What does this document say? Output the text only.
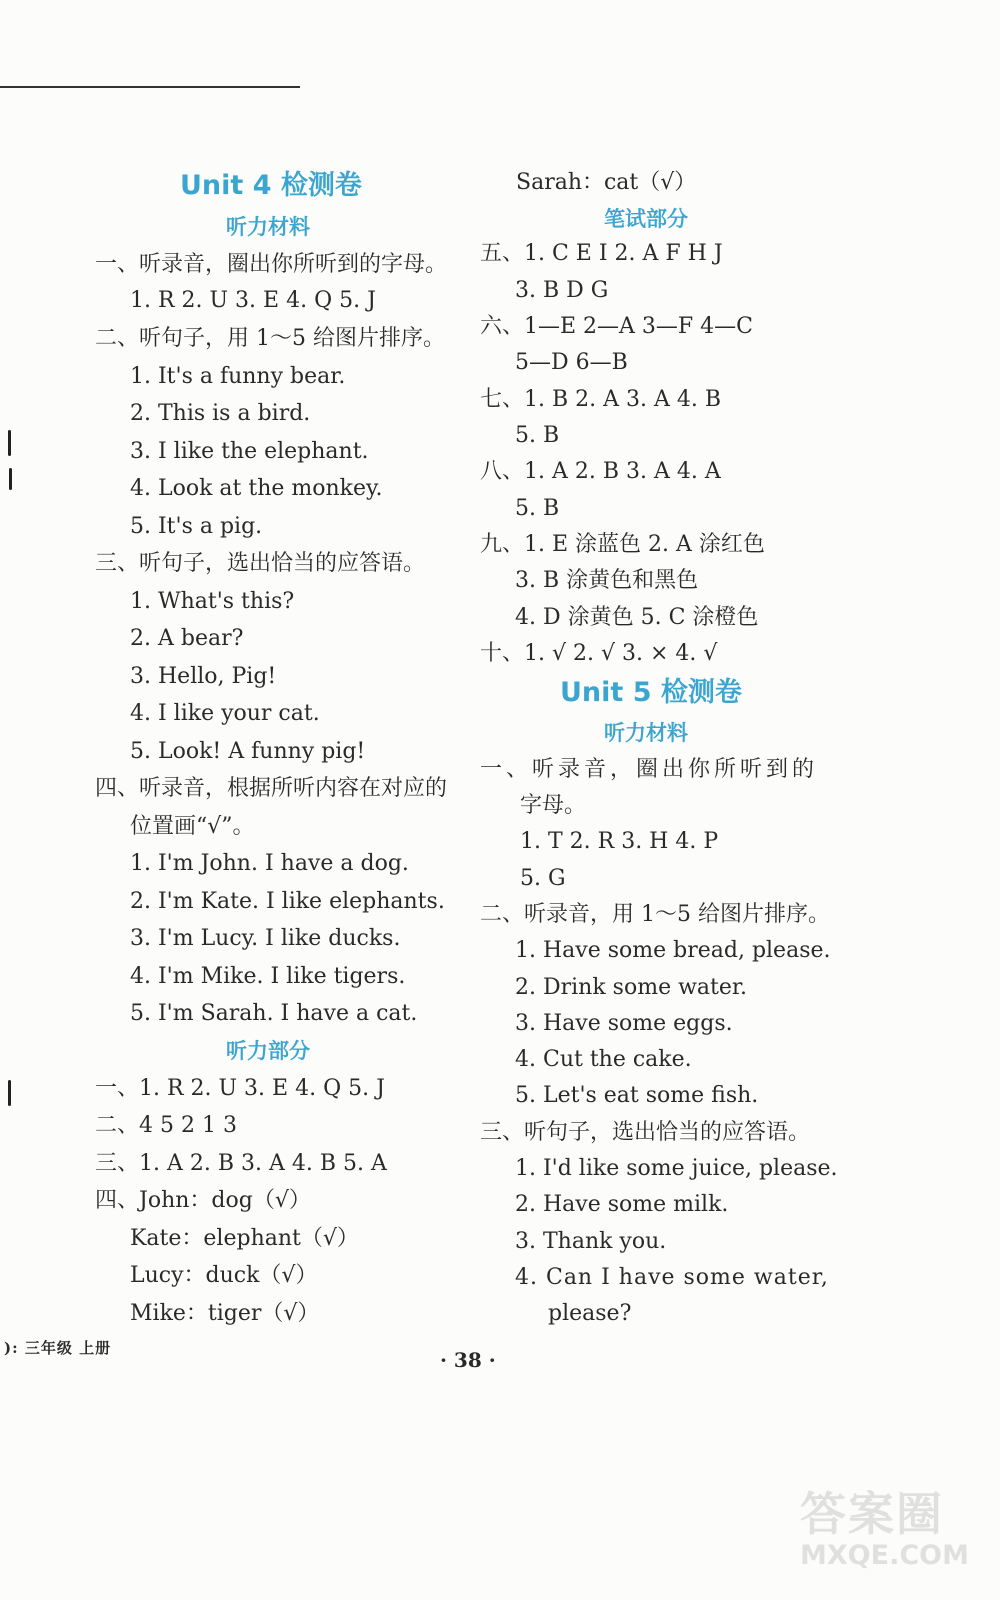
Unit 4 检测卷
听力材料
一、听录音，圈出你所听到的字母。
1. R 2. U 3. E 4. Q 5. J
二、听句子，用 1～5 给图片排序。
1. It's a funny bear.
2. This is a bird.
3. I like the elephant.
4. Look at the monkey.
5. It's a pig.
三、听句子，选出恰当的应答语。
1. What's this?
2. A bear?
3. Hello, Pig!
4. I like your cat.
5. Look! A funny pig!
四、听录音，根据所听内容在对应的
位置画“√”。
1. I'm John. I have a dog.
2. I'm Kate. I like elephants.
3. I'm Lucy. I like ducks.
4. I'm Mike. I like tigers.
5. I'm Sarah. I have a cat.
听力部分
一、1. R 2. U 3. E 4. Q 5. J
二、4 5 2 1 3
三、1. A 2. B 3. A 4. B 5. A
四、John：dog（√）
Kate：elephant（√）
Lucy：duck（√）
Mike：tiger（√）
Sarah：cat（√）
笔试部分
五、1. C E I 2. A F H J
3. B D G
六、1—E 2—A 3—F 4—C
5—D 6—B
七、1. B 2. A 3. A 4. B
5. B
八、1. A 2. B 3. A 4. A
5. B
九、1. E 涂蓝色 2. A 涂红色
3. B 涂黄色和黑色
4. D 涂黄色 5. C 涂橙色
十、1. √ 2. √ 3. × 4. √
Unit 5 检测卷
听力材料
一、听录音，圈出你所听到的
字母。
1. T 2. R 3. H 4. P
5. G
二、听录音，用 1～5 给图片排序。
1. Have some bread, please.
2. Drink some water.
3. Have some eggs.
4. Cut the cake.
5. Let's eat some fish.
三、听句子，选出恰当的应答语。
1. I'd like some juice, please.
2. Have some milk.
3. Thank you.
4. Can I have some water,
please?
): 三年级 上册	· 38 ·
答案圈
MXQE.COM
